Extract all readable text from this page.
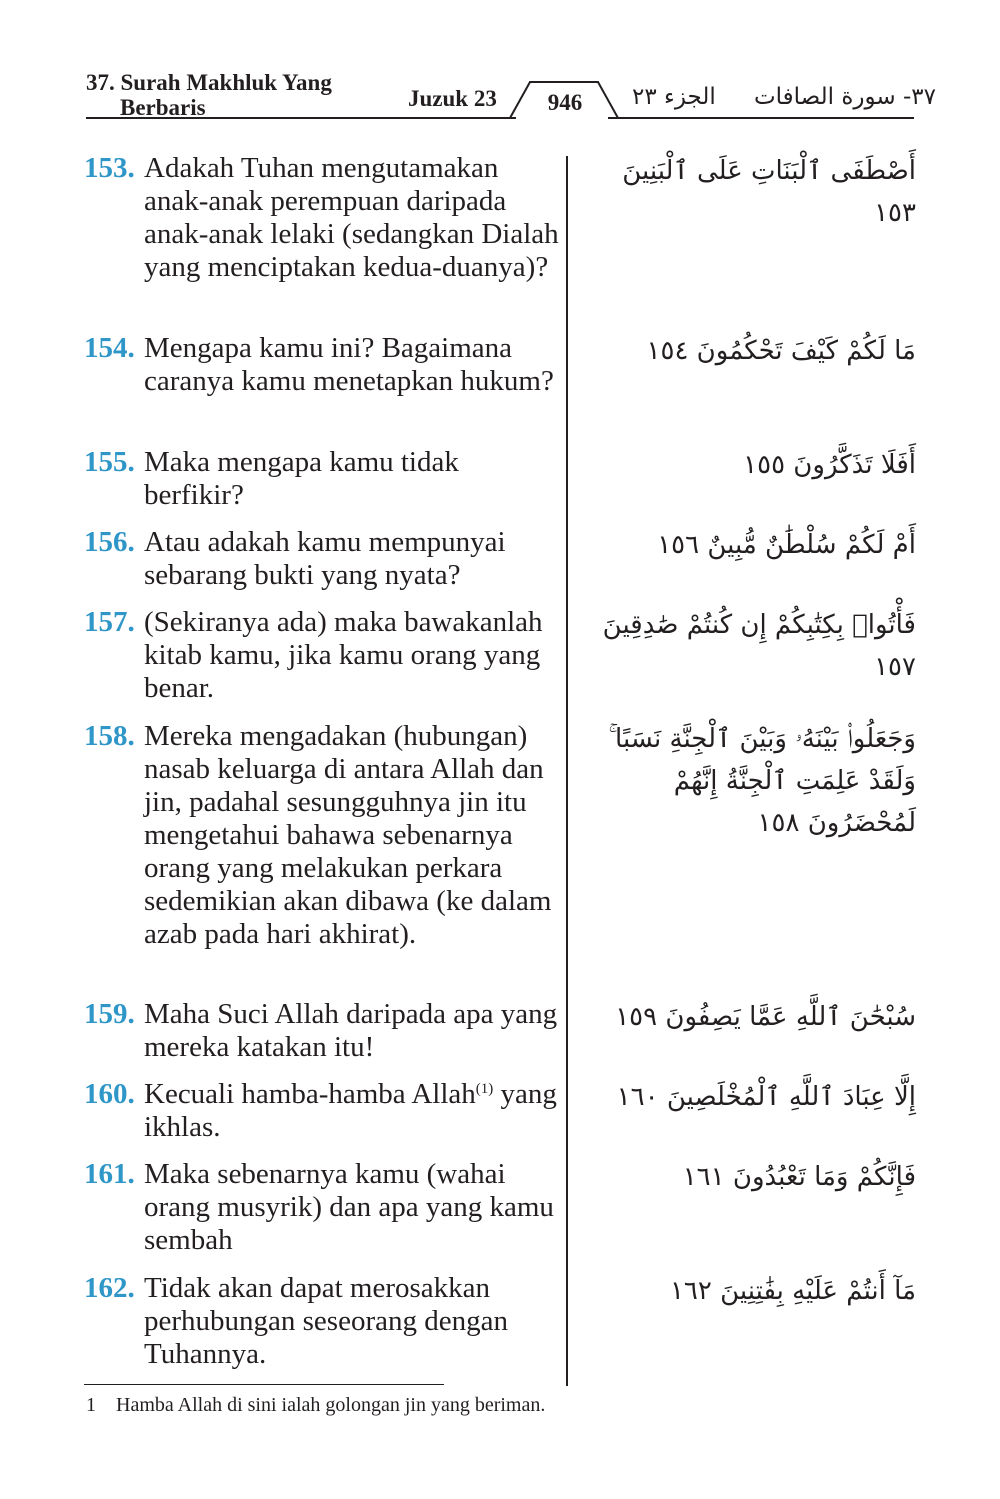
37. Surah Makhluk Yang
Berbaris	Juzuk 23	946	الجزء ٢٣ ٣٧- سورة الصافات
153. Adakah Tuhan mengutamakan anak-anak perempuan daripada anak-anak lelaki (sedangkan Dialah yang menciptakan kedua-duanya)?
أَصْطَفَى ٱلْبَنَاتِ عَلَى ٱلْبَنِينَ ١٥٣
154. Mengapa kamu ini? Bagaimana caranya kamu menetapkan hukum?
مَا لَكُمْ كَيْفَ تَحْكُمُونَ ١٥٤
155. Maka mengapa kamu tidak berfikir?
أَفَلَا تَذَكَّرُونَ ١٥٥
156. Atau adakah kamu mempunyai sebarang bukti yang nyata?
أَمْ لَكُمْ سُلْطَٰنٌ مُّبِينٌ ١٥٦
157. (Sekiranya ada) maka bawakanlah kitab kamu, jika kamu orang yang benar.
فَأْتُوا۟ بِكِتَٰبِكُمْ إِن كُنتُمْ صَٰدِقِينَ ١٥٧
158. Mereka mengadakan (hubungan) nasab keluarga di antara Allah dan jin, padahal sesungguhnya jin itu mengetahui bahawa sebenarnya orang yang melakukan perkara sedemikian akan dibawa (ke dalam azab pada hari akhirat).
وَجَعَلُوا۟ بَيْنَهُۥ وَبَيْنَ ٱلْجِنَّةِ نَسَبًا ۚ وَلَقَدْ عَلِمَتِ ٱلْجِنَّةُ إِنَّهُمْ لَمُحْضَرُونَ ١٥٨
159. Maha Suci Allah daripada apa yang mereka katakan itu!
سُبْحَٰنَ ٱللَّهِ عَمَّا يَصِفُونَ ١٥٩
160. Kecuali hamba-hamba Allah$^{(1)}$ yang ikhlas.
إِلَّا عِبَادَ ٱللَّهِ ٱلْمُخْلَصِينَ ١٦٠
161. Maka sebenarnya kamu (wahai orang musyrik) dan apa yang kamu sembah
فَإِنَّكُمْ وَمَا تَعْبُدُونَ ١٦١
162. Tidak akan dapat merosakkan perhubungan seseorang dengan Tuhannya.
مَآ أَنتُمْ عَلَيْهِ بِفَٰتِنِينَ ١٦٢
1 Hamba Allah di sini ialah golongan jin yang beriman.
